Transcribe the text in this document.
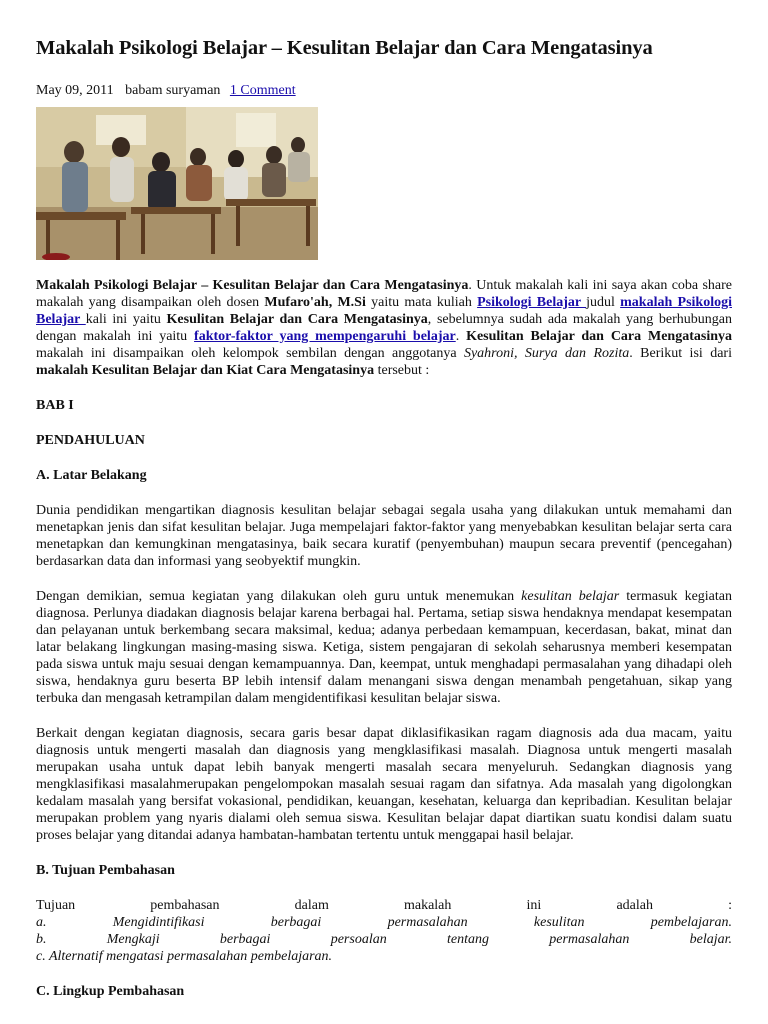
Makalah Psikologi Belajar – Kesulitan Belajar dan Cara Mengatasinya
May 09, 2011 babam suryaman 1 Comment

Makalah Psikologi Belajar – Kesulitan Belajar dan Cara Mengatasinya. Untuk makalah kali ini saya akan coba share makalah yang disampaikan oleh dosen Mufaro'ah, M.Si yaitu mata kuliah Psikologi Belajar judul makalah Psikologi Belajar kali ini yaitu Kesulitan Belajar dan Cara Mengatasinya, sebelumnya sudah ada makalah yang berhubungan dengan makalah ini yaitu faktor-faktor yang mempengaruhi belajar. Kesulitan Belajar dan Cara Mengatasinya makalah ini disampaikan oleh kelompok sembilan dengan anggotanya Syahroni, Surya dan Rozita. Berikut isi dari makalah Kesulitan Belajar dan Kiat Cara Mengatasinya tersebut :

BAB I
PENDAHULUAN
A. Latar Belakang

Dunia pendidikan mengartikan diagnosis kesulitan belajar sebagai segala usaha yang dilakukan untuk memahami dan menetapkan jenis dan sifat kesulitan belajar. Juga mempelajari faktor-faktor yang menyebabkan kesulitan belajar serta cara menetapkan dan kemungkinan mengatasinya, baik secara kuratif (penyembuhan) maupun secara preventif (pencegahan) berdasarkan data dan informasi yang seobyektif mungkin.

Dengan demikian, semua kegiatan yang dilakukan oleh guru untuk menemukan kesulitan belajar termasuk kegiatan diagnosa. Perlunya diadakan diagnosis belajar karena berbagai hal. Pertama, setiap siswa hendaknya mendapat kesempatan dan pelayanan untuk berkembang secara maksimal, kedua; adanya perbedaan kemampuan, kecerdasan, bakat, minat dan latar belakang lingkungan masing-masing siswa. Ketiga, sistem pengajaran di sekolah seharusnya memberi kesempatan pada siswa untuk maju sesuai dengan kemampuannya. Dan, keempat, untuk menghadapi permasalahan yang dihadapi oleh siswa, hendaknya guru beserta BP lebih intensif dalam menangani siswa dengan menambah pengetahuan, sikap yang terbuka dan mengasah ketrampilan dalam mengidentifikasi kesulitan belajar siswa.

Berkait dengan kegiatan diagnosis, secara garis besar dapat diklasifikasikan ragam diagnosis ada dua macam, yaitu diagnosis untuk mengerti masalah dan diagnosis yang mengklasifikasi masalah. Diagnosa untuk mengerti masalah merupakan usaha untuk dapat lebih banyak mengerti masalah secara menyeluruh. Sedangkan diagnosis yang mengklasifikasi masalahmerupakan pengelompokan masalah sesuai ragam dan sifatnya. Ada masalah yang digolongkan kedalam masalah yang bersifat vokasional, pendidikan, keuangan, kesehatan, keluarga dan kepribadian. Kesulitan belajar merupakan problem yang nyaris dialami oleh semua siswa. Kesulitan belajar dapat diartikan suatu kondisi dalam suatu proses belajar yang ditandai adanya hambatan-hambatan tertentu untuk menggapai hasil belajar.

B. Tujuan Pembahasan

Tujuan pembahasan dalam makalah ini adalah :

a. Mengidintifikasi berbagai permasalahan kesulitan pembelajaran.

b. Mengkaji berbagai persoalan tentang permasalahan belajar.

c. Alternatif mengatasi permasalahan pembelajaran.

C. Lingkup Pembahasan
